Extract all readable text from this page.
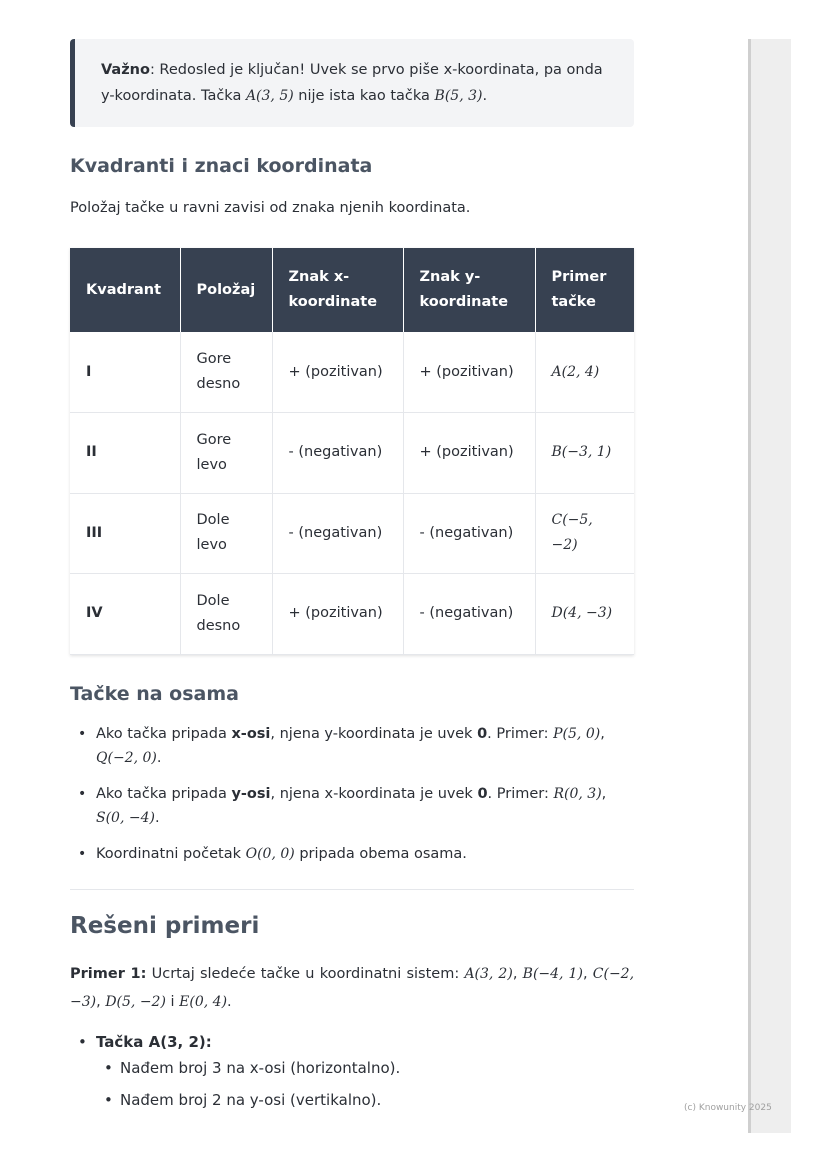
Važno: Redosled je ključan! Uvek se prvo piše x-koordinata, pa onda y-koordinata. Tačka A(3, 5) nije ista kao tačka B(5, 3).
Kvadranti i znaci koordinata
Položaj tačke u ravni zavisi od znaka njenih koordinata.
Kvadrant	Položaj	Znak x-koordinate	Znak y-koordinate	Primer tačke
I	Gore desno	+ (pozitivan)	+ (pozitivan)	A(2, 4)
II	Gore levo	- (negativan)	+ (pozitivan)	B(−3, 1)
III	Dole levo	- (negativan)	- (negativan)	C(−5, −2)
IV	Dole desno	+ (pozitivan)	- (negativan)	D(4, −3)
Tačke na osama
• Ako tačka pripada x-osi, njena y-koordinata je uvek 0. Primer: P(5, 0), Q(−2, 0).
• Ako tačka pripada y-osi, njena x-koordinata je uvek 0. Primer: R(0, 3), S(0, −4).
• Koordinatni početak O(0, 0) pripada obema osama.
Rešeni primeri
Primer 1: Ucrtaj sledeće tačke u koordinatni sistem: A(3, 2), B(−4, 1), C(−2, −3), D(5, −2) i E(0, 4).
• Tačka A(3, 2):
• Nađem broj 3 na x-osi (horizontalno).
• Nađem broj 2 na y-osi (vertikalno).	(c) Knowunity 2025
